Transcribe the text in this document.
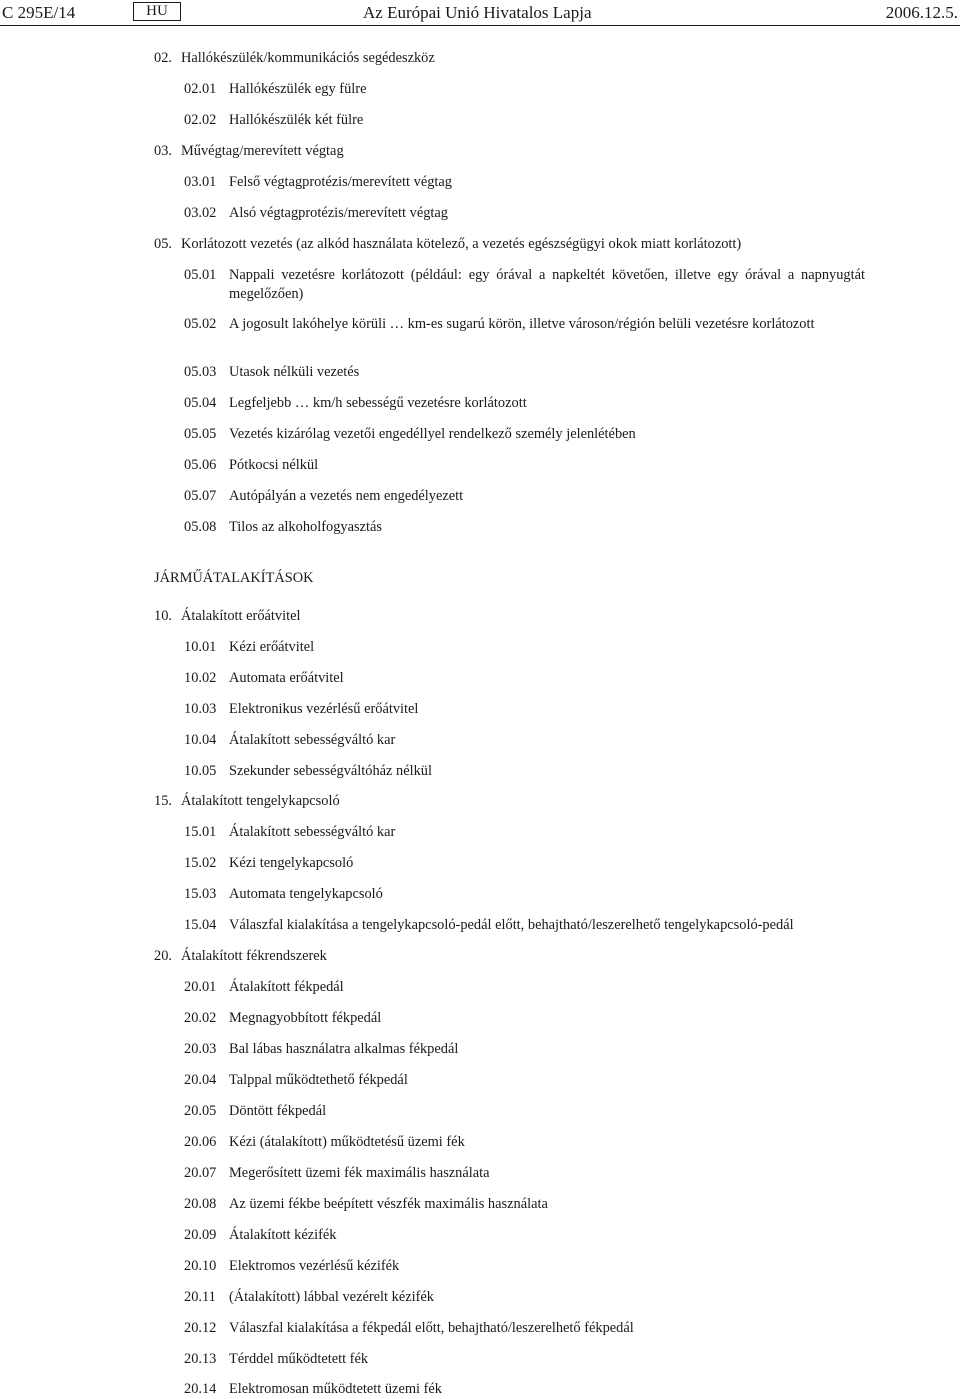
C 295E/14	HU	Az Európai Unió Hivatalos Lapja	2006.12.5.
02. Hallókészülék/kommunikációs segédeszköz
02.01 Hallókészülék egy fülre
02.02 Hallókészülék két fülre
03. Művégtag/merevített végtag
03.01 Felső végtagprotézis/merevített végtag
03.02 Alsó végtagprotézis/merevített végtag
05. Korlátozott vezetés (az alkód használata kötelező, a vezetés egészségügyi okok miatt korlátozott)
05.01 Nappali vezetésre korlátozott (például: egy órával a napkeltét követően, illetve egy órával a napnyugtát megelőzően)
05.02 A jogosult lakóhelye körüli … km-es sugarú körön, illetve városon/régión belüli vezetésre korlátozott
05.03 Utasok nélküli vezetés
05.04 Legfeljebb … km/h sebességű vezetésre korlátozott
05.05 Vezetés kizárólag vezetői engedéllyel rendelkező személy jelenlétében
05.06 Pótkocsi nélkül
05.07 Autópályán a vezetés nem engedélyezett
05.08 Tilos az alkoholfogyasztás
JÁRMŰÁTALAKÍTÁSOK
10. Átalakított erőátvitel
10.01 Kézi erőátvitel
10.02 Automata erőátvitel
10.03 Elektronikus vezérlésű erőátvitel
10.04 Átalakított sebességváltó kar
10.05 Szekunder sebességváltóház nélkül
15. Átalakított tengelykapcsoló
15.01 Átalakított sebességváltó kar
15.02 Kézi tengelykapcsoló
15.03 Automata tengelykapcsoló
15.04 Válaszfal kialakítása a tengelykapcsoló-pedál előtt, behajtható/leszerelhető tengelykapcsoló-pedál
20. Átalakított fékrendszerek
20.01 Átalakított fékpedál
20.02 Megnagyobbított fékpedál
20.03 Bal lábas használatra alkalmas fékpedál
20.04 Talppal működtethető fékpedál
20.05 Döntött fékpedál
20.06 Kézi (átalakított) működtetésű üzemi fék
20.07 Megerősített üzemi fék maximális használata
20.08 Az üzemi fékbe beépített vészfék maximális használata
20.09 Átalakított kézifék
20.10 Elektromos vezérlésű kézifék
20.11 (Átalakított) lábbal vezérelt kézifék
20.12 Válaszfal kialakítása a fékpedál előtt, behajtható/leszerelhető fékpedál
20.13 Térddel működtetett fék
20.14 Elektromosan működtetett üzemi fék
